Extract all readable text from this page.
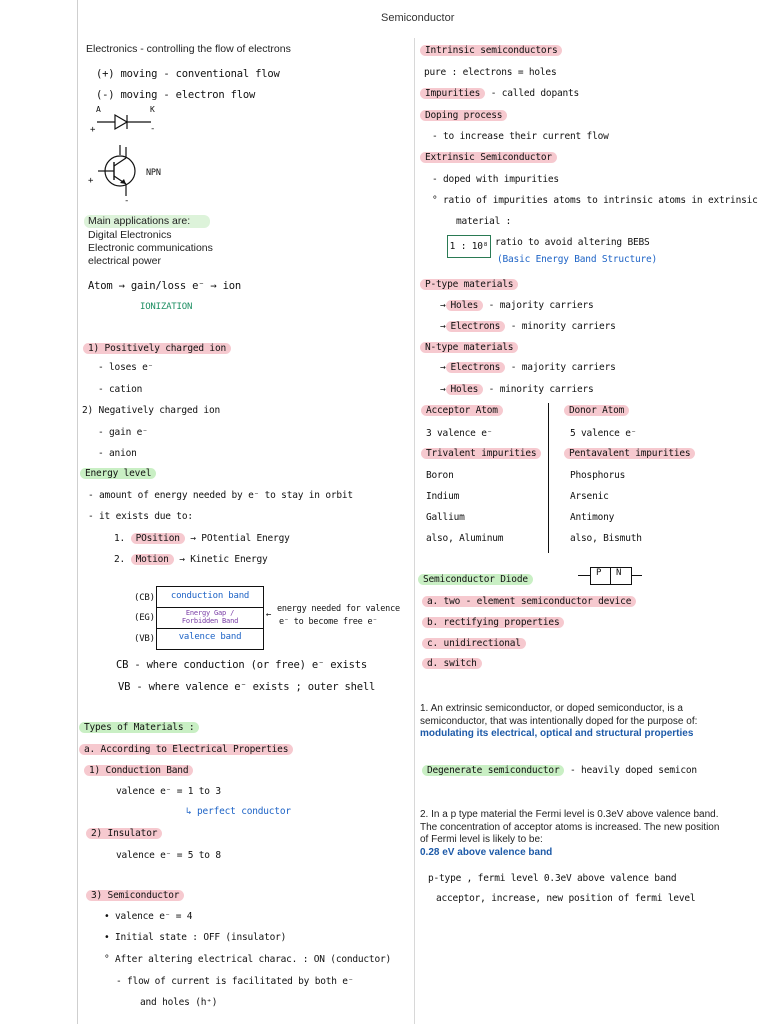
Semiconductor
Electronics - controlling the flow of electrons
(+) moving - conventional flow
(-) moving - electron flow
A	K
+	-
+
-
NPN
Main applications are:
Digital Electronics
Electronic communications
electrical power
Atom → gain/loss e⁻ → ion
IONIZATION
1) Positively charged ion
- loses e⁻
- cation
2) Negatively charged ion
- gain e⁻
- anion
Energy level
- amount of energy needed by e⁻ to stay in orbit
- it exists due to:
1. POsition → POtential Energy
2. Motion → Kinetic Energy
(CB)
(EG)
(VB)
conduction band
Energy Gap /
Forbidden Band
valence band
←
energy needed for valence
e⁻ to become free e⁻
CB - where conduction (or free) e⁻ exists
VB - where valence e⁻ exists ; outer shell
Types of Materials :
a. According to Electrical Properties
1) Conduction Band
valence e⁻ = 1 to 3
↳ perfect conductor
2) Insulator
valence e⁻ = 5 to 8
3) Semiconductor
• valence e⁻ = 4
• Initial state : OFF (insulator)
° After altering electrical charac. : ON (conductor)
- flow of current is facilitated by both e⁻
and holes (h⁺)
Intrinsic semiconductors
pure : electrons = holes
Impurities - called dopants
Doping process
- to increase their current flow
Extrinsic Semiconductor
- doped with impurities
° ratio of impurities atoms to intrinsic atoms in extrinsic
material :
1 : 10⁸ ratio to avoid altering BEBS
(Basic Energy Band Structure)
P-type materials
→ Holes - majority carriers
→ Electrons - minority carriers
N-type materials
→ Electrons - majority carriers
→ Holes - minority carriers
Acceptor Atom
3 valence e⁻
Trivalent impurities
Boron
Indium
Gallium
also, Aluminum
Donor Atom
5 valence e⁻
Pentavalent impurities
Phosphorus
Arsenic
Antimony
also, Bismuth
Semiconductor Diode
P N
a. two - element semiconductor device
b. rectifying properties
c. unidirectional
d. switch
1. An extrinsic semiconductor, or doped semiconductor, is a
semiconductor, that was intentionally doped for the purpose of:
modulating its electrical, optical and structural properties
Degenerate semiconductor - heavily doped semicon
2. In a p type material the Fermi level is 0.3eV above valence band.
The concentration of acceptor atoms is increased. The new position
of Fermi level is likely to be:
0.28 eV above valence band
p-type , fermi level 0.3eV above valence band
acceptor, increase, new position of fermi level
